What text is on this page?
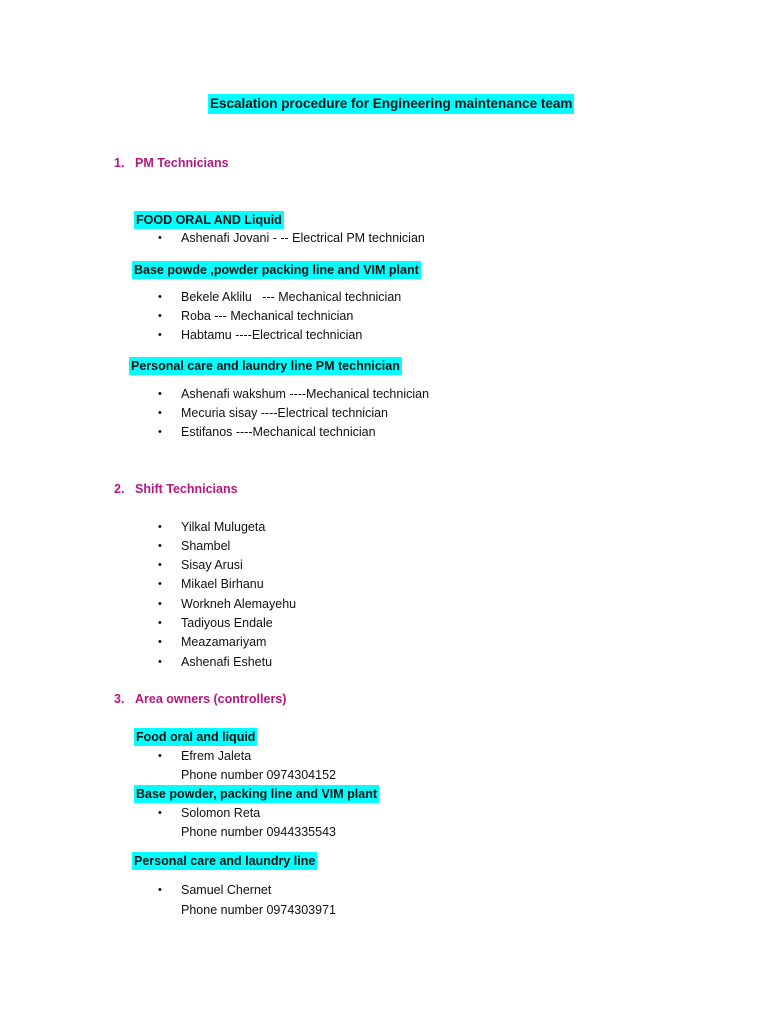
Escalation procedure for Engineering maintenance team
1. PM Technicians
FOOD ORAL AND Liquid
• Ashenafi Jovani - -- Electrical PM technician
Base powde ,powder packing line and VIM plant
• Bekele Aklilu   --- Mechanical technician
• Roba --- Mechanical technician
• Habtamu ----Electrical technician
Personal care and laundry line PM technician
• Ashenafi wakshum ----Mechanical technician
• Mecuria sisay ----Electrical technician
• Estifanos ----Mechanical technician
2. Shift Technicians
• Yilkal Mulugeta
• Shambel
• Sisay Arusi
• Mikael Birhanu
• Workneh Alemayehu
• Tadiyous Endale
• Meazamariyam
• Ashenafi Eshetu
3. Area owners (controllers)
Food oral and liquid
• Efrem Jaleta
Phone number 0974304152
Base powder, packing line and VIM plant
• Solomon Reta
Phone number 0944335543
Personal care and laundry line
• Samuel Chernet
Phone number 0974303971
